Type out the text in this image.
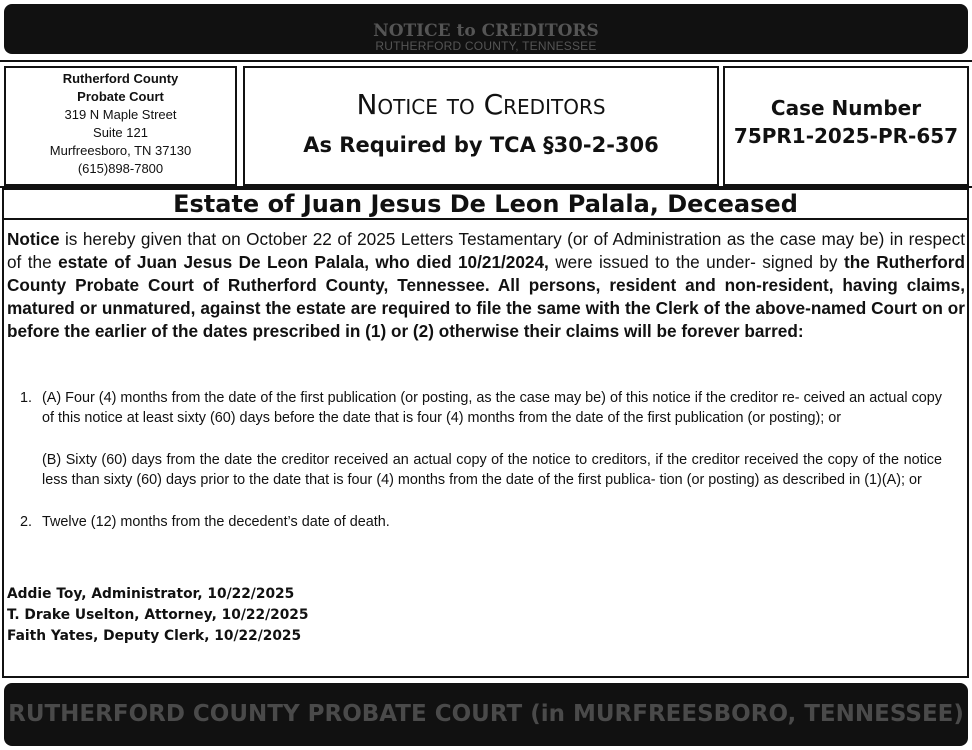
NOTICE to CREDITORS
RUTHERFORD COUNTY, TENNESSEE
Rutherford County
Probate Court
319 N Maple Street
Suite 121
Murfreesboro, TN 37130
(615)898-7800
Notice to Creditors
As Required by TCA §30-2-306
Case Number
75PR1-2025-PR-657
Estate of Juan Jesus De Leon Palala, Deceased

Notice is hereby given that on October 22 of 2025 Letters Testamentary (or of Administration as the case may be) in respect of the estate of Juan Jesus De Leon Palala, who died 10/21/2024, were issued to the under- signed by the Rutherford County Probate Court of Rutherford County, Tennessee. All persons, resident and non-resident, having claims, matured or unmatured, against the estate are required to file the same with the Clerk of the above-named Court on or before the earlier of the dates prescribed in (1) or (2) otherwise their claims will be forever barred:

1. (A) Four (4) months from the date of the first publication (or posting, as the case may be) of this notice if the creditor re- ceived an actual copy of this notice at least sixty (60) days before the date that is four (4) months from the date of the first publication (or posting); or

(B) Sixty (60) days from the date the creditor received an actual copy of the notice to creditors, if the creditor received the copy of the notice less than sixty (60) days prior to the date that is four (4) months from the date of the first publica- tion (or posting) as described in (1)(A); or

2. Twelve (12) months from the decedent’s date of death.

Addie Toy, Administrator, 10/22/2025
T. Drake Uselton, Attorney, 10/22/2025
Faith Yates, Deputy Clerk, 10/22/2025
RUTHERFORD COUNTY PROBATE COURT (in MURFREESBORO, TENNESSEE)
